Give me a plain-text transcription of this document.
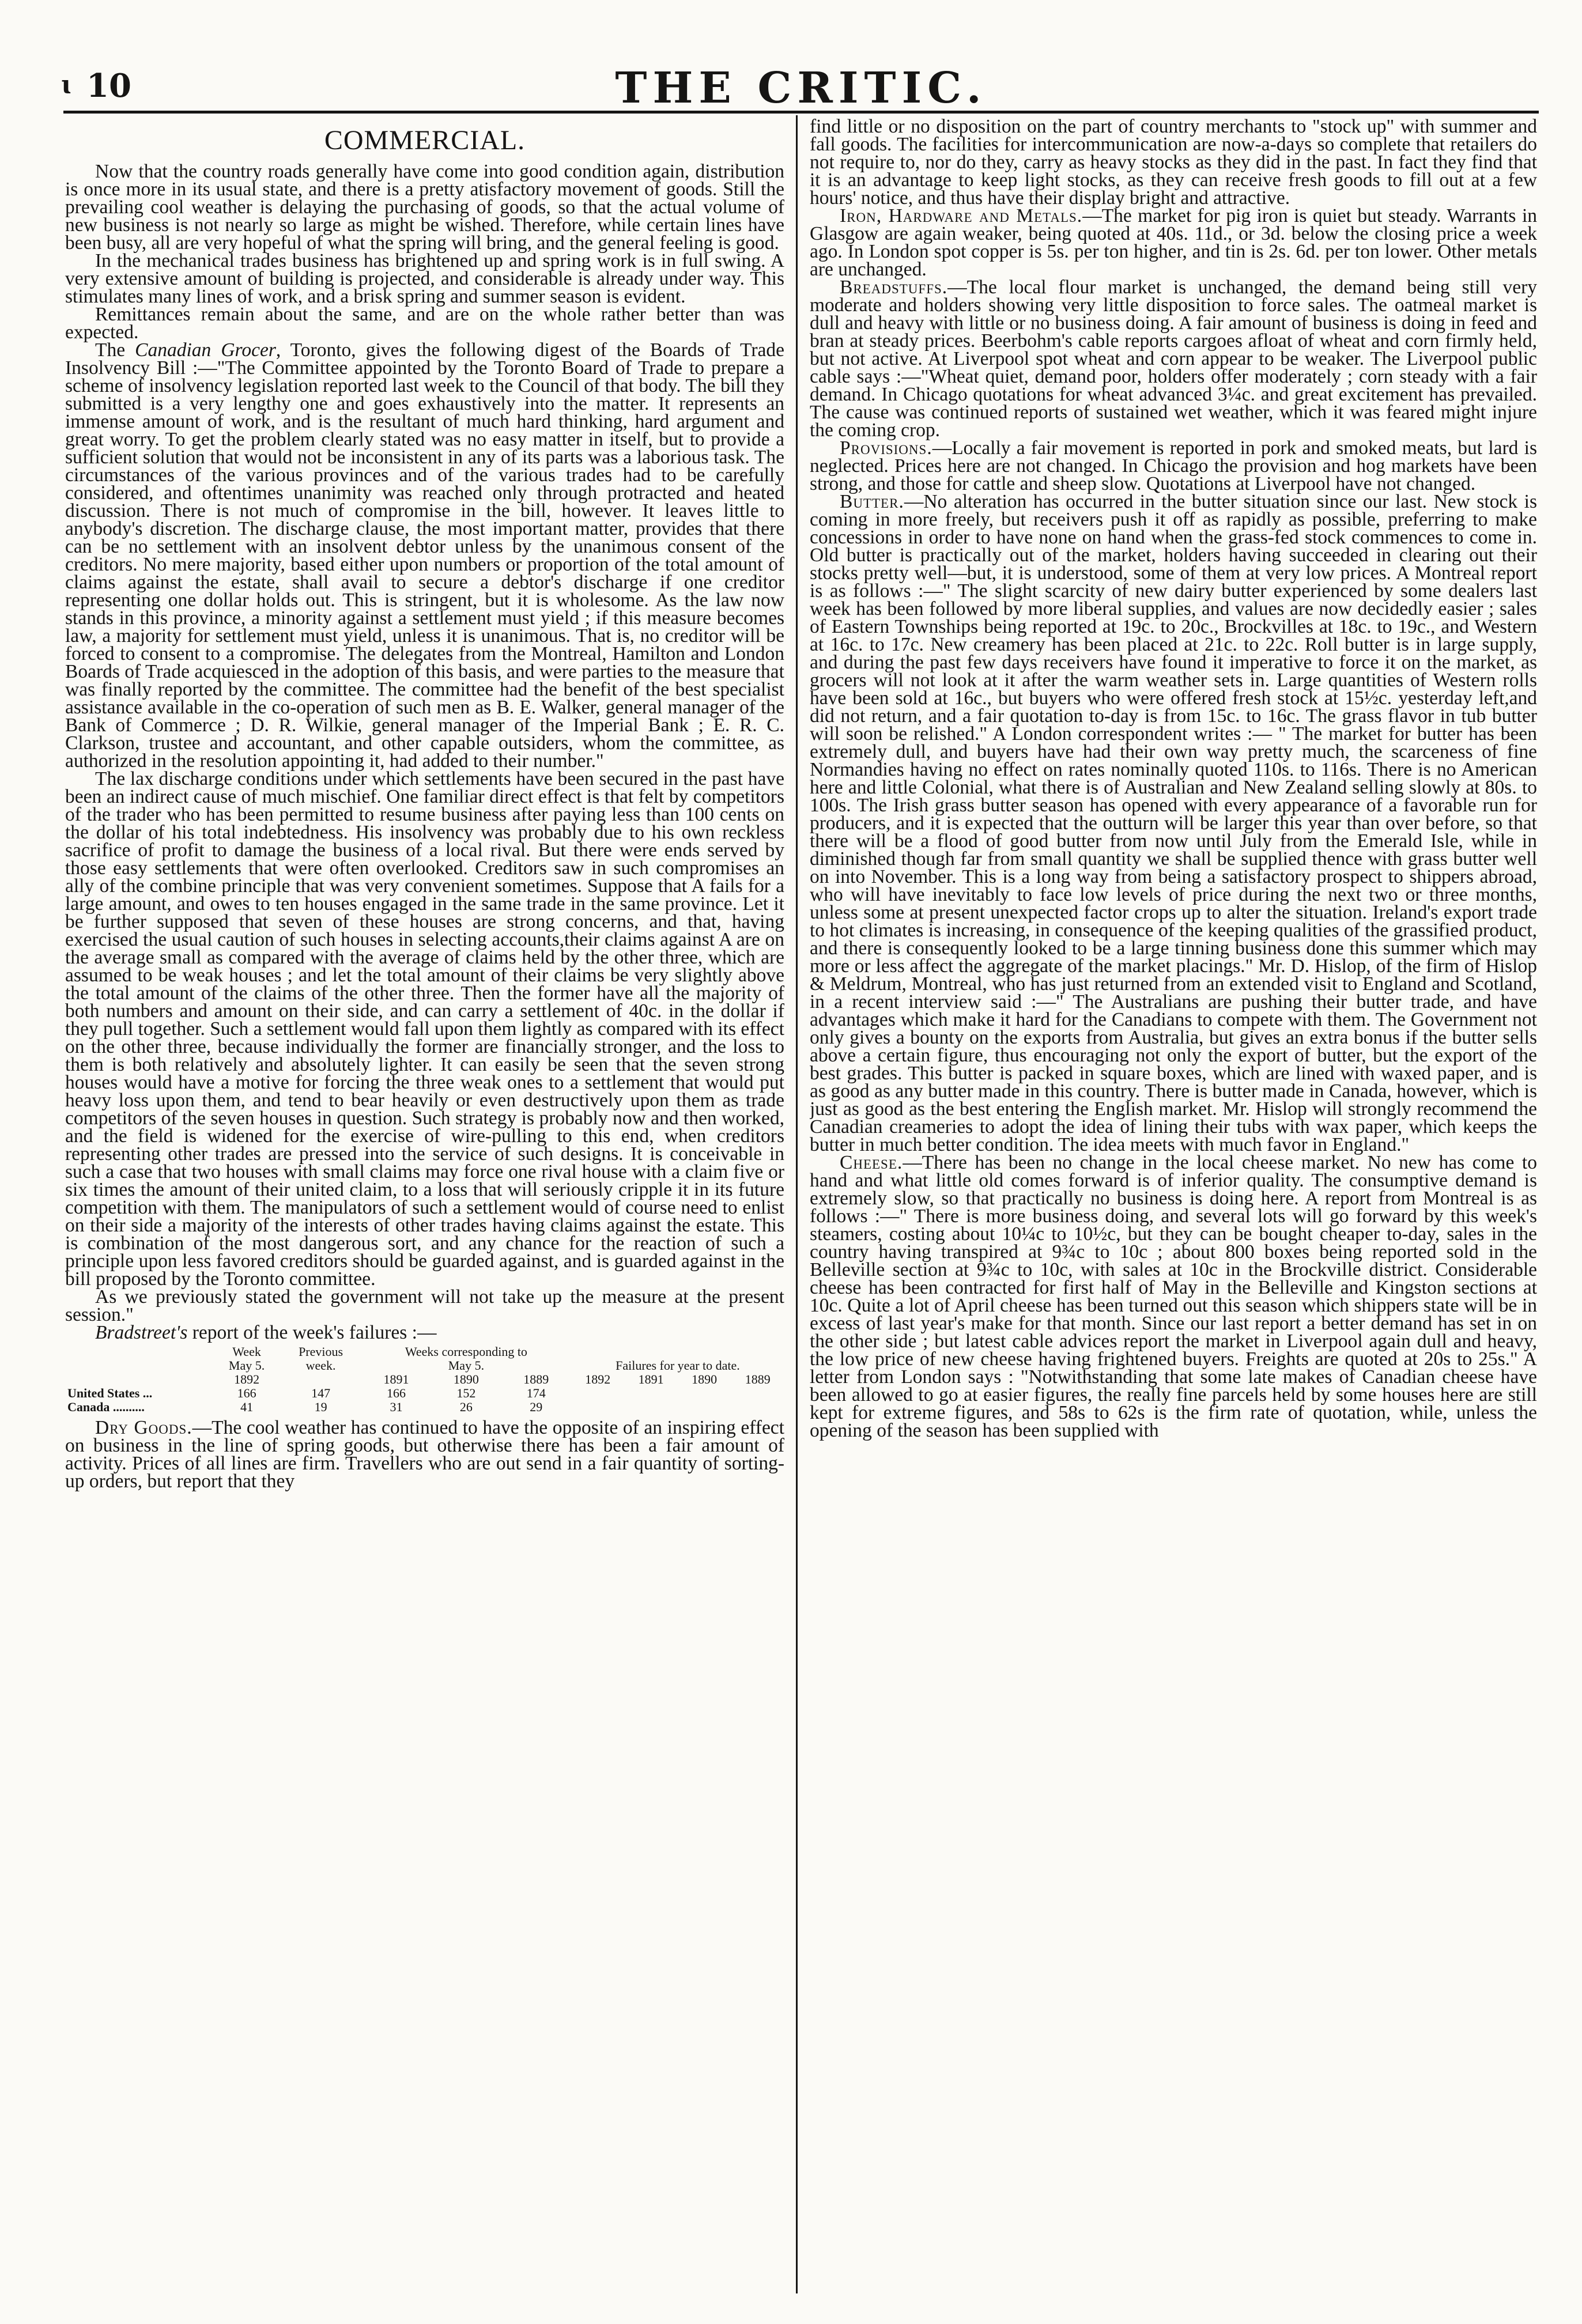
ɩ 10	THE CRITIC.
COMMERCIAL.

Now that the country roads generally have come into good condition again, distribution is once more in its usual state, and there is a pretty atisfactory movement of goods. Still the prevailing cool weather is delaying the purchasing of goods, so that the actual volume of new business is not nearly so large as might be wished. Therefore, while certain lines have been busy, all are very hopeful of what the spring will bring, and the general feeling is good.

In the mechanical trades business has brightened up and spring work is in full swing. A very extensive amount of building is projected, and considerable is already under way. This stimulates many lines of work, and a brisk spring and summer season is evident.

Remittances remain about the same, and are on the whole rather better than was expected.

The Canadian Grocer, Toronto, gives the following digest of the Boards of Trade Insolvency Bill :—"The Committee appointed by the Toronto Board of Trade to prepare a scheme of insolvency legislation reported last week to the Council of that body. The bill they submitted is a very lengthy one and goes exhaustively into the matter. It represents an immense amount of work, and is the resultant of much hard thinking, hard argument and great worry. To get the problem clearly stated was no easy matter in itself, but to provide a sufficient solution that would not be inconsistent in any of its parts was a laborious task. The circumstances of the various provinces and of the various trades had to be carefully considered, and oftentimes unanimity was reached only through protracted and heated discussion. There is not much of compromise in the bill, however. It leaves little to anybody's discretion. The discharge clause, the most important matter, provides that there can be no settlement with an insolvent debtor unless by the unanimous consent of the creditors. No mere majority, based either upon numbers or proportion of the total amount of claims against the estate, shall avail to secure a debtor's discharge if one creditor representing one dollar holds out. This is stringent, but it is wholesome. As the law now stands in this province, a minority against a settlement must yield ; if this measure becomes law, a majority for settlement must yield, unless it is unanimous. That is, no creditor will be forced to consent to a compromise. The delegates from the Montreal, Hamilton and London Boards of Trade acquiesced in the adoption of this basis, and were parties to the measure that was finally reported by the committee. The committee had the benefit of the best specialist assistance available in the co-operation of such men as B. E. Walker, general manager of the Bank of Commerce ; D. R. Wilkie, general manager of the Imperial Bank ; E. R. C. Clarkson, trustee and accountant, and other capable outsiders, whom the committee, as authorized in the resolution appointing it, had added to their number."

The lax discharge conditions under which settlements have been secured in the past have been an indirect cause of much mischief. One familiar direct effect is that felt by competitors of the trader who has been permitted to resume business after paying less than 100 cents on the dollar of his total indebtedness. His insolvency was probably due to his own reckless sacrifice of profit to damage the business of a local rival. But there were ends served by those easy settlements that were often overlooked. Creditors saw in such compromises an ally of the combine principle that was very convenient sometimes. Suppose that A fails for a large amount, and owes to ten houses engaged in the same trade in the same province. Let it be further supposed that seven of these houses are strong concerns, and that, having exercised the usual caution of such houses in selecting accounts,their claims against A are on the average small as compared with the average of claims held by the other three, which are assumed to be weak houses ; and let the total amount of their claims be very slightly above the total amount of the claims of the other three. Then the former have all the majority of both numbers and amount on their side, and can carry a settlement of 40c. in the dollar if they pull together. Such a settlement would fall upon them lightly as compared with its effect on the other three, because individually the former are financially stronger, and the loss to them is both relatively and absolutely lighter. It can easily be seen that the seven strong houses would have a motive for forcing the three weak ones to a settlement that would put heavy loss upon them, and tend to bear heavily or even destructively upon them as trade competitors of the seven houses in question. Such strategy is probably now and then worked, and the field is widened for the exercise of wire-pulling to this end, when creditors representing other trades are pressed into the service of such designs. It is conceivable in such a case that two houses with small claims may force one rival house with a claim five or six times the amount of their united claim, to a loss that will seriously cripple it in its future competition with them. The manipulators of such a settlement would of course need to enlist on their side a majority of the interests of other trades having claims against the estate. This is combination of the most dangerous sort, and any chance for the reaction of such a principle upon less favored creditors should be guarded against, and is guarded against in the bill proposed by the Toronto committee.

As we previously stated the government will not take up the measure at the present session."

Bradstreet's report of the week's failures :—

	Week	Previous	Weeks corresponding to						
	May 5.	week.	May 5.			Failures for year to date.			
	1892		1891	1890	1889	1892	1891	1890	1889
United States ...	166	147	166	152	174				
Canada ..........	41	19	31	26	29				

Dry Goods.—The cool weather has continued to have the opposite of an inspiring effect on business in the line of spring goods, but otherwise there has been a fair amount of activity. Prices of all lines are firm. Travellers who are out send in a fair quantity of sorting-up orders, but report that they

find little or no disposition on the part of country merchants to "stock up" with summer and fall goods. The facilities for intercommunication are now-a-days so complete that retailers do not require to, nor do they, carry as heavy stocks as they did in the past. In fact they find that it is an advantage to keep light stocks, as they can receive fresh goods to fill out at a few hours' notice, and thus have their display bright and attractive.

Iron, Hardware and Metals.—The market for pig iron is quiet but steady. Warrants in Glasgow are again weaker, being quoted at 40s. 11d., or 3d. below the closing price a week ago. In London spot copper is 5s. per ton higher, and tin is 2s. 6d. per ton lower. Other metals are unchanged.

Breadstuffs.—The local flour market is unchanged, the demand being still very moderate and holders showing very little disposition to force sales. The oatmeal market is dull and heavy with little or no business doing. A fair amount of business is doing in feed and bran at steady prices. Beerbohm's cable reports cargoes afloat of wheat and corn firmly held, but not active. At Liverpool spot wheat and corn appear to be weaker. The Liverpool public cable says :—"Wheat quiet, demand poor, holders offer moderately ; corn steady with a fair demand. In Chicago quotations for wheat advanced 3¼c. and great excitement has prevailed. The cause was continued reports of sustained wet weather, which it was feared might injure the coming crop.

Provisions.—Locally a fair movement is reported in pork and smoked meats, but lard is neglected. Prices here are not changed. In Chicago the provision and hog markets have been strong, and those for cattle and sheep slow. Quotations at Liverpool have not changed.

Butter.—No alteration has occurred in the butter situation since our last. New stock is coming in more freely, but receivers push it off as rapidly as possible, preferring to make concessions in order to have none on hand when the grass-fed stock commences to come in. Old butter is practically out of the market, holders having succeeded in clearing out their stocks pretty well—but, it is understood, some of them at very low prices. A Montreal report is as follows :—" The slight scarcity of new dairy butter experienced by some dealers last week has been followed by more liberal supplies, and values are now decidedly easier ; sales of Eastern Townships being reported at 19c. to 20c., Brockvilles at 18c. to 19c., and Western at 16c. to 17c. New creamery has been placed at 21c. to 22c. Roll butter is in large supply, and during the past few days receivers have found it imperative to force it on the market, as grocers will not look at it after the warm weather sets in. Large quantities of Western rolls have been sold at 16c., but buyers who were offered fresh stock at 15½c. yesterday left,and did not return, and a fair quotation to-day is from 15c. to 16c. The grass flavor in tub butter will soon be relished." A London correspondent writes :— " The market for butter has been extremely dull, and buyers have had their own way pretty much, the scarceness of fine Normandies having no effect on rates nominally quoted 110s. to 116s. There is no American here and little Colonial, what there is of Australian and New Zealand selling slowly at 80s. to 100s. The Irish grass butter season has opened with every appearance of a favorable run for producers, and it is expected that the outturn will be larger this year than over before, so that there will be a flood of good butter from now until July from the Emerald Isle, while in diminished though far from small quantity we shall be supplied thence with grass butter well on into November. This is a long way from being a satisfactory prospect to shippers abroad, who will have inevitably to face low levels of price during the next two or three months, unless some at present unexpected factor crops up to alter the situation. Ireland's export trade to hot climates is increasing, in consequence of the keeping qualities of the grassified product, and there is consequently looked to be a large tinning business done this summer which may more or less affect the aggregate of the market placings." Mr. D. Hislop, of the firm of Hislop & Meldrum, Montreal, who has just returned from an extended visit to England and Scotland, in a recent interview said :—" The Australians are pushing their butter trade, and have advantages which make it hard for the Canadians to compete with them. The Government not only gives a bounty on the exports from Australia, but gives an extra bonus if the butter sells above a certain figure, thus encouraging not only the export of butter, but the export of the best grades. This butter is packed in square boxes, which are lined with waxed paper, and is as good as any butter made in this country. There is butter made in Canada, however, which is just as good as the best entering the English market. Mr. Hislop will strongly recommend the Canadian creameries to adopt the idea of lining their tubs with wax paper, which keeps the butter in much better condition. The idea meets with much favor in England."

Cheese.—There has been no change in the local cheese market. No new has come to hand and what little old comes forward is of inferior quality. The consumptive demand is extremely slow, so that practically no business is doing here. A report from Montreal is as follows :—" There is more business doing, and several lots will go forward by this week's steamers, costing about 10¼c to 10½c, but they can be bought cheaper to-day, sales in the country having transpired at 9¾c to 10c ; about 800 boxes being reported sold in the Belleville section at 9¾c to 10c, with sales at 10c in the Brockville district. Considerable cheese has been contracted for first half of May in the Belleville and Kingston sections at 10c. Quite a lot of April cheese has been turned out this season which shippers state will be in excess of last year's make for that month. Since our last report a better demand has set in on the other side ; but latest cable advices report the market in Liverpool again dull and heavy, the low price of new cheese having frightened buyers. Freights are quoted at 20s to 25s." A letter from London says : "Notwithstanding that some late makes of Canadian cheese have been allowed to go at easier figures, the really fine parcels held by some houses here are still kept for extreme figures, and 58s to 62s is the firm rate of quotation, while, unless the opening of the season has been supplied with
